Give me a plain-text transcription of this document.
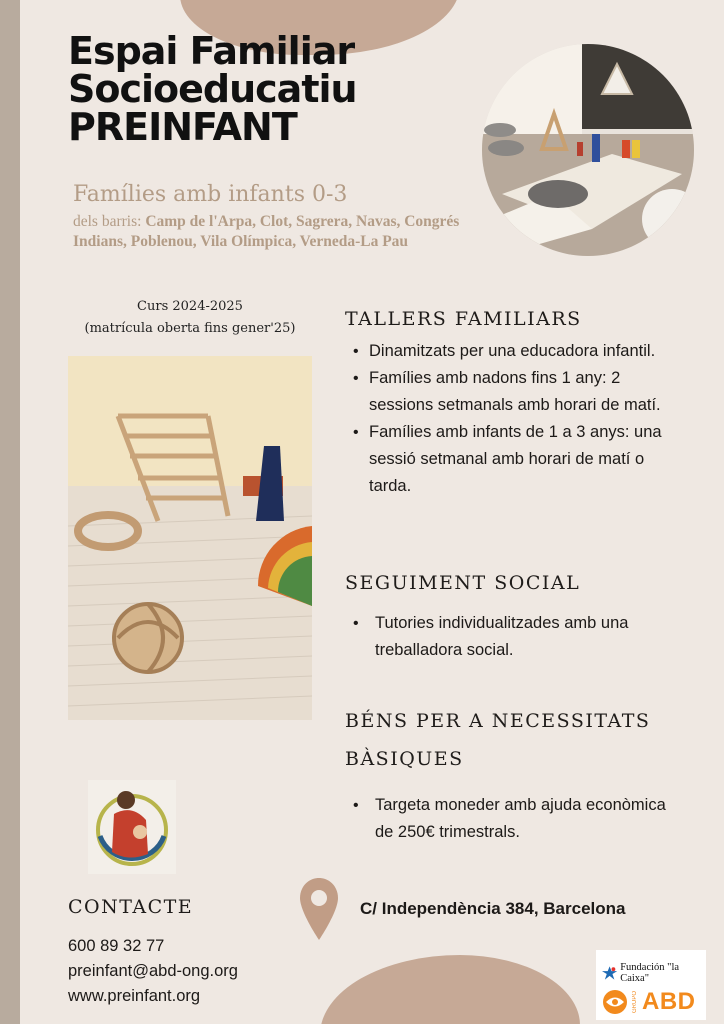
Espai Familiar
Socioeducatiu
PREINFANT
Famílies amb infants 0-3
dels barris: Camp de l'Arpa, Clot, Sagrera, Navas, Congrés Indians, Poblenou, Vila Olímpica, Verneda-La Pau
Curs 2024-2025
(matrícula oberta fins gener'25)	TALLERS FAMILIARS
• Dinamitzats per una educadora infantil.
• Famílies amb nadons fins 1 any: 2 sessions setmanals amb horari de matí.
• Famílies amb infants de 1 a 3 anys: una sessió setmanal amb horari de matí o tarda.
SEGUIMENT SOCIAL
• Tutories individualitzades amb una treballadora social.
BÉNS PER A NECESSITATS BÀSIQUES
• Targeta moneder amb ajuda econòmica de 250€ trimestrals.
CONTACTE
600 89 32 77
preinfant@abd-ong.org
www.preinfant.org
C/ Independència 384, Barcelona
Fundación "la Caixa"
GRUPO ABD
